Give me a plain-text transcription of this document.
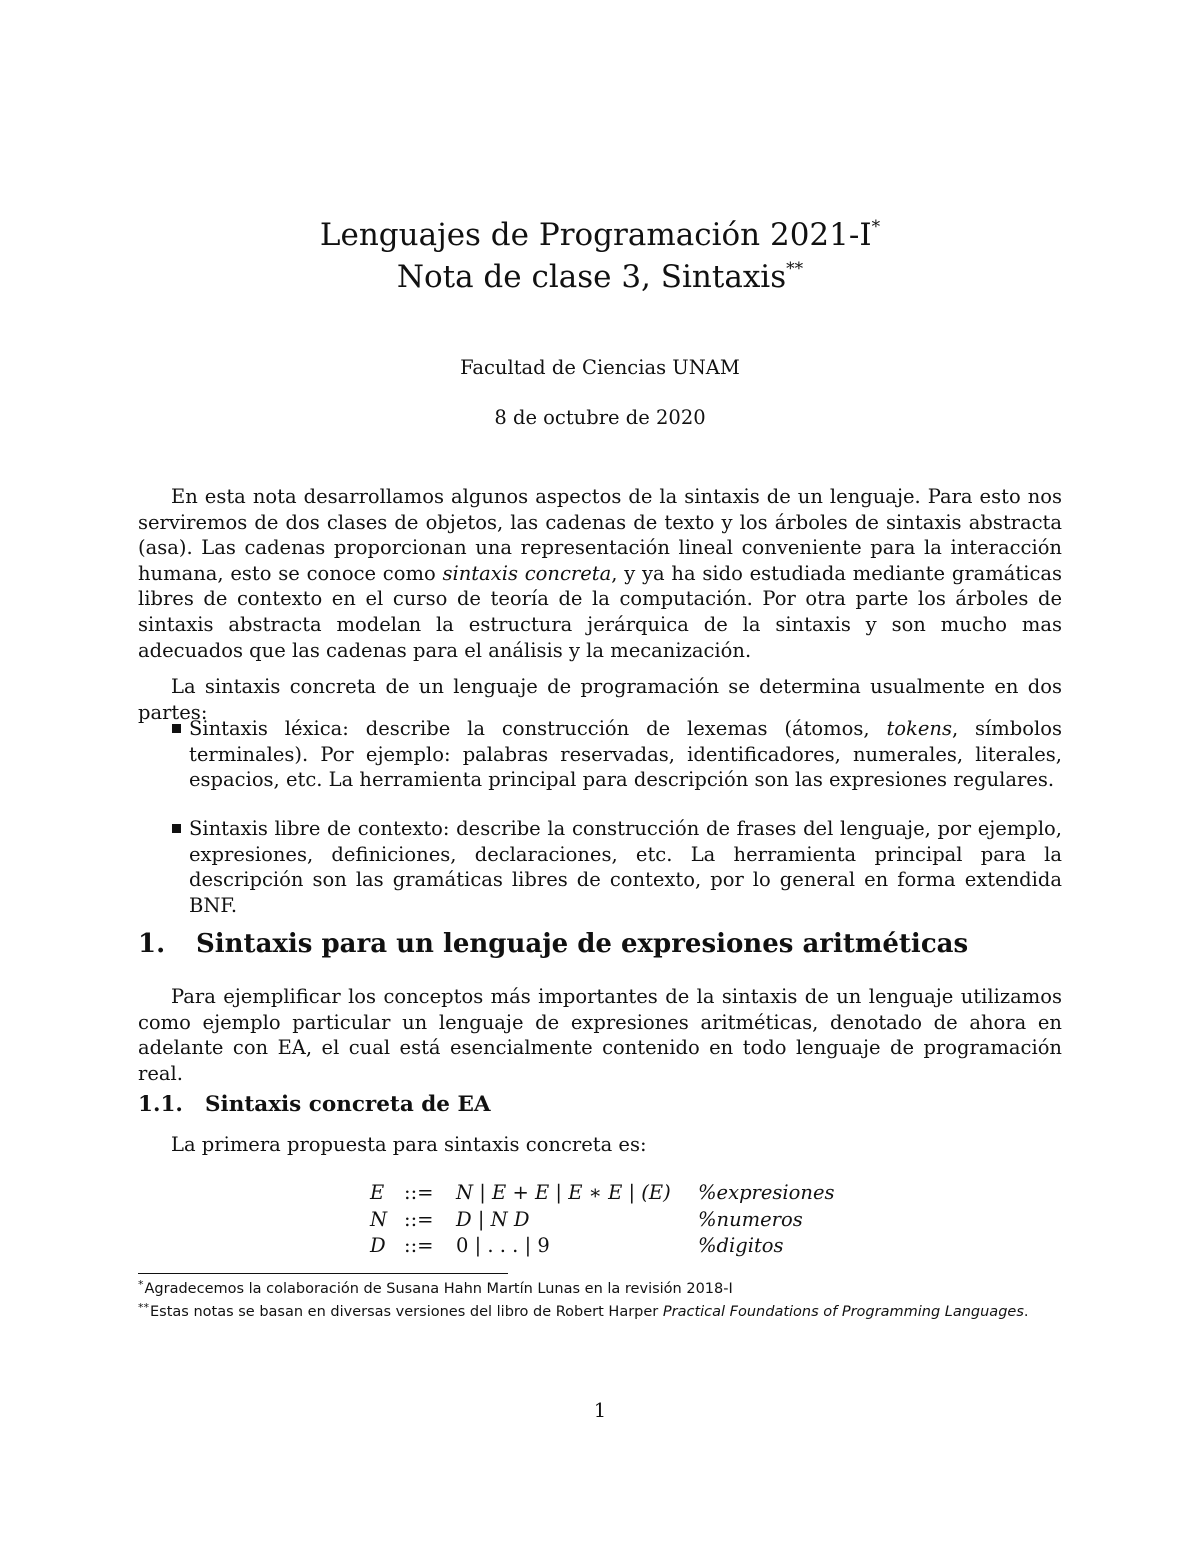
Lenguajes de Programación 2021-I*

Nota de clase 3, Sintaxis**

Facultad de Ciencias UNAM
8 de octubre de 2020
En esta nota desarrollamos algunos aspectos de la sintaxis de un lenguaje. Para esto nos serviremos de dos clases de objetos, las cadenas de texto y los árboles de sintaxis abstracta (asa). Las cadenas proporcionan una representación lineal conveniente para la interacción humana, esto se conoce como sintaxis concreta, y ya ha sido estudiada mediante gramáticas libres de contexto en el curso de teoría de la computación. Por otra parte los árboles de sintaxis abstracta modelan la estructura jerárquica de la sintaxis y son mucho mas adecuados que las cadenas para el análisis y la mecanización.
La sintaxis concreta de un lenguaje de programación se determina usualmente en dos partes:
Sintaxis léxica: describe la construcción de lexemas (átomos, tokens, símbolos terminales). Por ejemplo: palabras reservadas, identificadores, numerales, literales, espacios, etc. La herramienta principal para descripción son las expresiones regulares.
Sintaxis libre de contexto: describe la construcción de frases del lenguaje, por ejemplo, expresiones, definiciones, declaraciones, etc. La herramienta principal para la descripción son las gramáticas libres de contexto, por lo general en forma extendida BNF.
1. Sintaxis para un lenguaje de expresiones aritméticas
Para ejemplificar los conceptos más importantes de la sintaxis de un lenguaje utilizamos como ejemplo particular un lenguaje de expresiones aritméticas, denotado de ahora en adelante con EA, el cual está esencialmente contenido en todo lenguaje de programación real.
1.1. Sintaxis concreta de EA
La primera propuesta para sintaxis concreta es:
E ::= N | E + E | E ∗ E | (E) %expresiones
N ::= D | N D	%numeros
D ::= 0 | . . . | 9	%digitos
*Agradecemos la colaboración de Susana Hahn Martín Lunas en la revisión 2018-I
**Estas notas se basan en diversas versiones del libro de Robert Harper Practical Foundations of Programming Languages.
1
